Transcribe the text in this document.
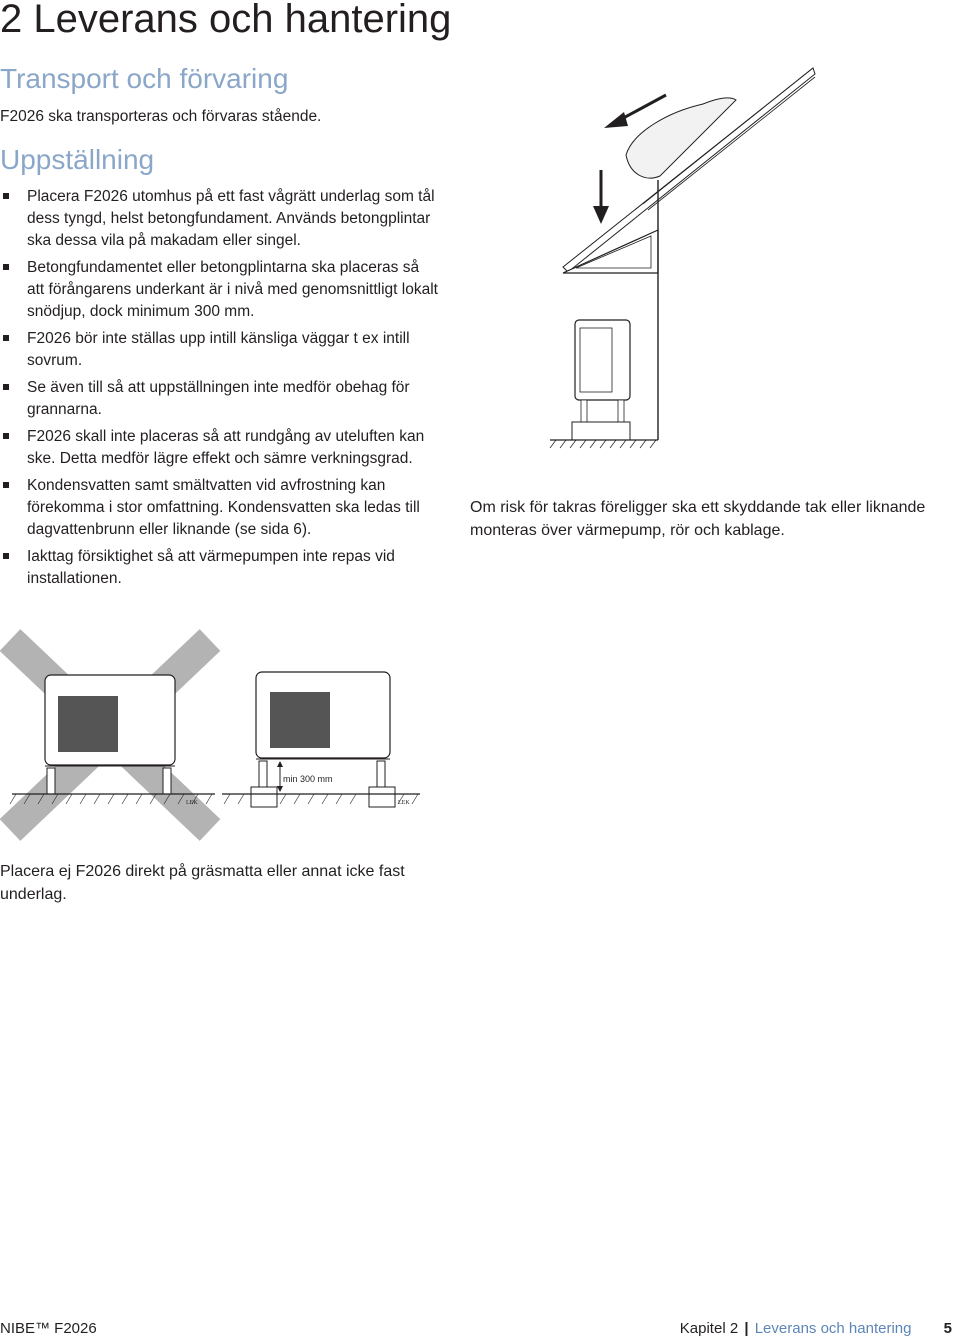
2 Leverans och hantering
Transport och förvaring
F2026 ska transporteras och förvaras stående.
Uppställning
Placera F2026 utomhus på ett fast vågrätt underlag som tål dess tyngd, helst betongfundament. Används betongplintar ska dessa vila på makadam eller singel.
Betongfundamentet eller betongplintarna ska placeras så att förångarens underkant är i nivå med genomsnittligt lokalt snödjup, dock minimum 300 mm.
F2026 bör inte ställas upp intill känsliga väggar t ex intill sovrum.
Se även till så att uppställningen inte medför obehag för grannarna.
F2026 skall inte placeras så att rundgång av uteluften kan ske. Detta medför lägre effekt och sämre verkningsgrad.
Kondensvatten samt smältvatten vid avfrostning kan förekomma i stor omfattning. Kondensvatten ska ledas till dagvattenbrunn eller liknande (se sida 6).
Iakttag försiktighet så att värmepumpen inte repas vid installationen.
Om risk för takras föreligger ska ett skyddande tak eller liknande monteras över värmepump, rör och kablage.
min 300 mm
LEK	LEK
Placera ej F2026 direkt på gräsmatta eller annat icke fast underlag.
NIBE™ F2026	Kapitel 2 | Leverans och hantering 5
